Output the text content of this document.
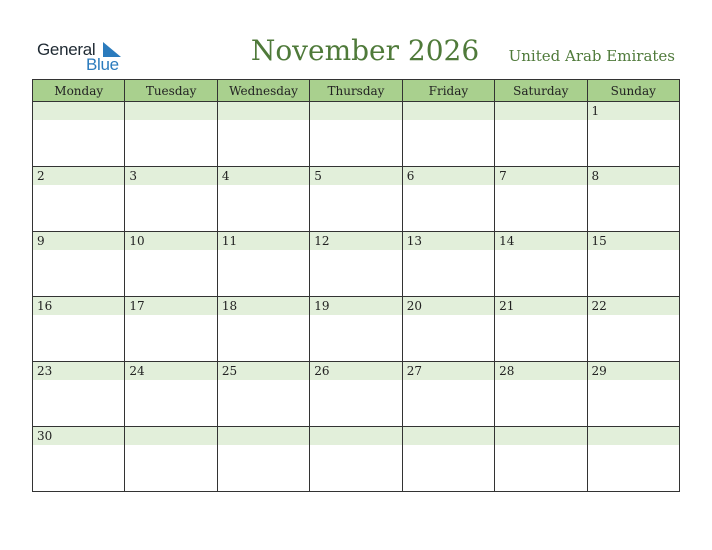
General
Blue	November 2026	United Arab Emirates
Monday	Tuesday	Wednesday	Thursday	Friday	Saturday	Sunday

						1

2	3	4	5	6	7	8

9	10	11	12	13	14	15

16	17	18	19	20	21	22

23	24	25	26	27	28	29

30						
